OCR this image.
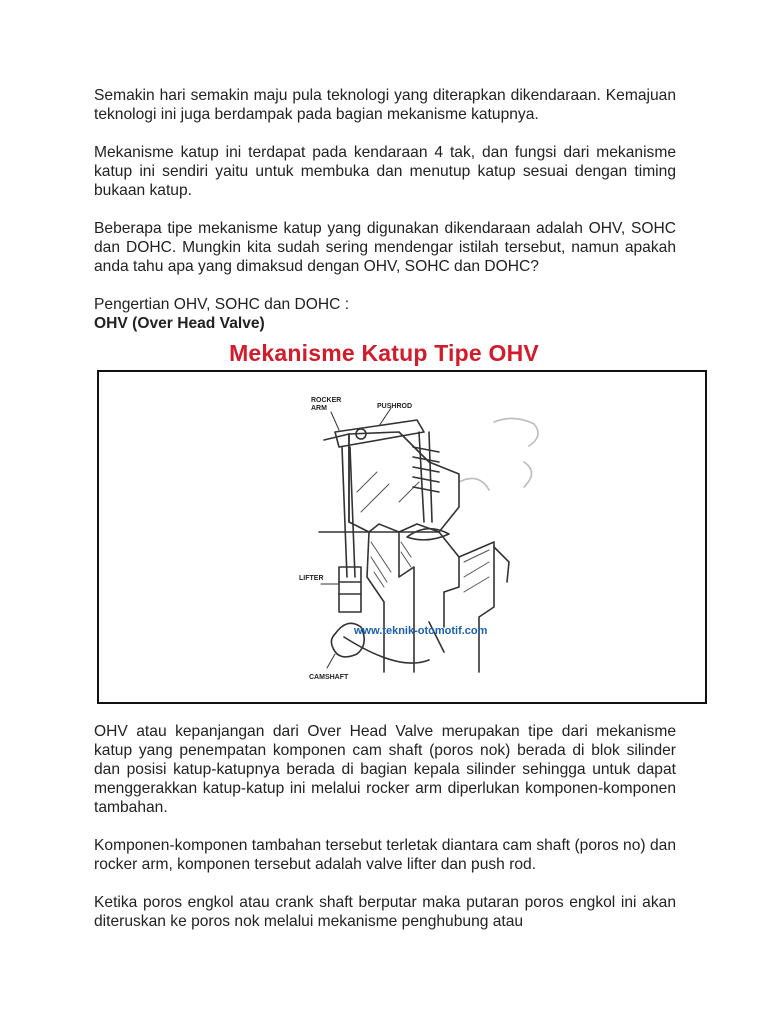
Semakin hari semakin maju pula teknologi yang diterapkan dikendaraan. Kemajuan teknologi ini juga berdampak pada bagian mekanisme katupnya.

Mekanisme katup ini terdapat pada kendaraan 4 tak, dan fungsi dari mekanisme katup ini sendiri yaitu untuk membuka dan menutup katup sesuai dengan timing bukaan katup.

Beberapa tipe mekanisme katup yang digunakan dikendaraan adalah OHV, SOHC dan DOHC. Mungkin kita sudah sering mendengar istilah tersebut, namun apakah anda tahu apa yang dimaksud dengan OHV, SOHC dan DOHC?

Pengertian OHV, SOHC dan DOHC :

OHV (Over Head Valve)

Mekanisme Katup Tipe OHV
ROCKER
ARM	PUSHROD
LIFTER
CAMSHAFT
www.teknik-otomotif.com

OHV atau kepanjangan dari Over Head Valve merupakan tipe dari mekanisme katup yang penempatan komponen cam shaft (poros nok) berada di blok silinder dan posisi katup-katupnya berada di bagian kepala silinder sehingga untuk dapat menggerakkan katup-katup ini melalui rocker arm diperlukan komponen-komponen tambahan.

Komponen-komponen tambahan tersebut terletak diantara cam shaft (poros no) dan rocker arm, komponen tersebut adalah valve lifter dan push rod.

Ketika poros engkol atau crank shaft berputar maka putaran poros engkol ini akan diteruskan ke poros nok melalui mekanisme penghubung atau
